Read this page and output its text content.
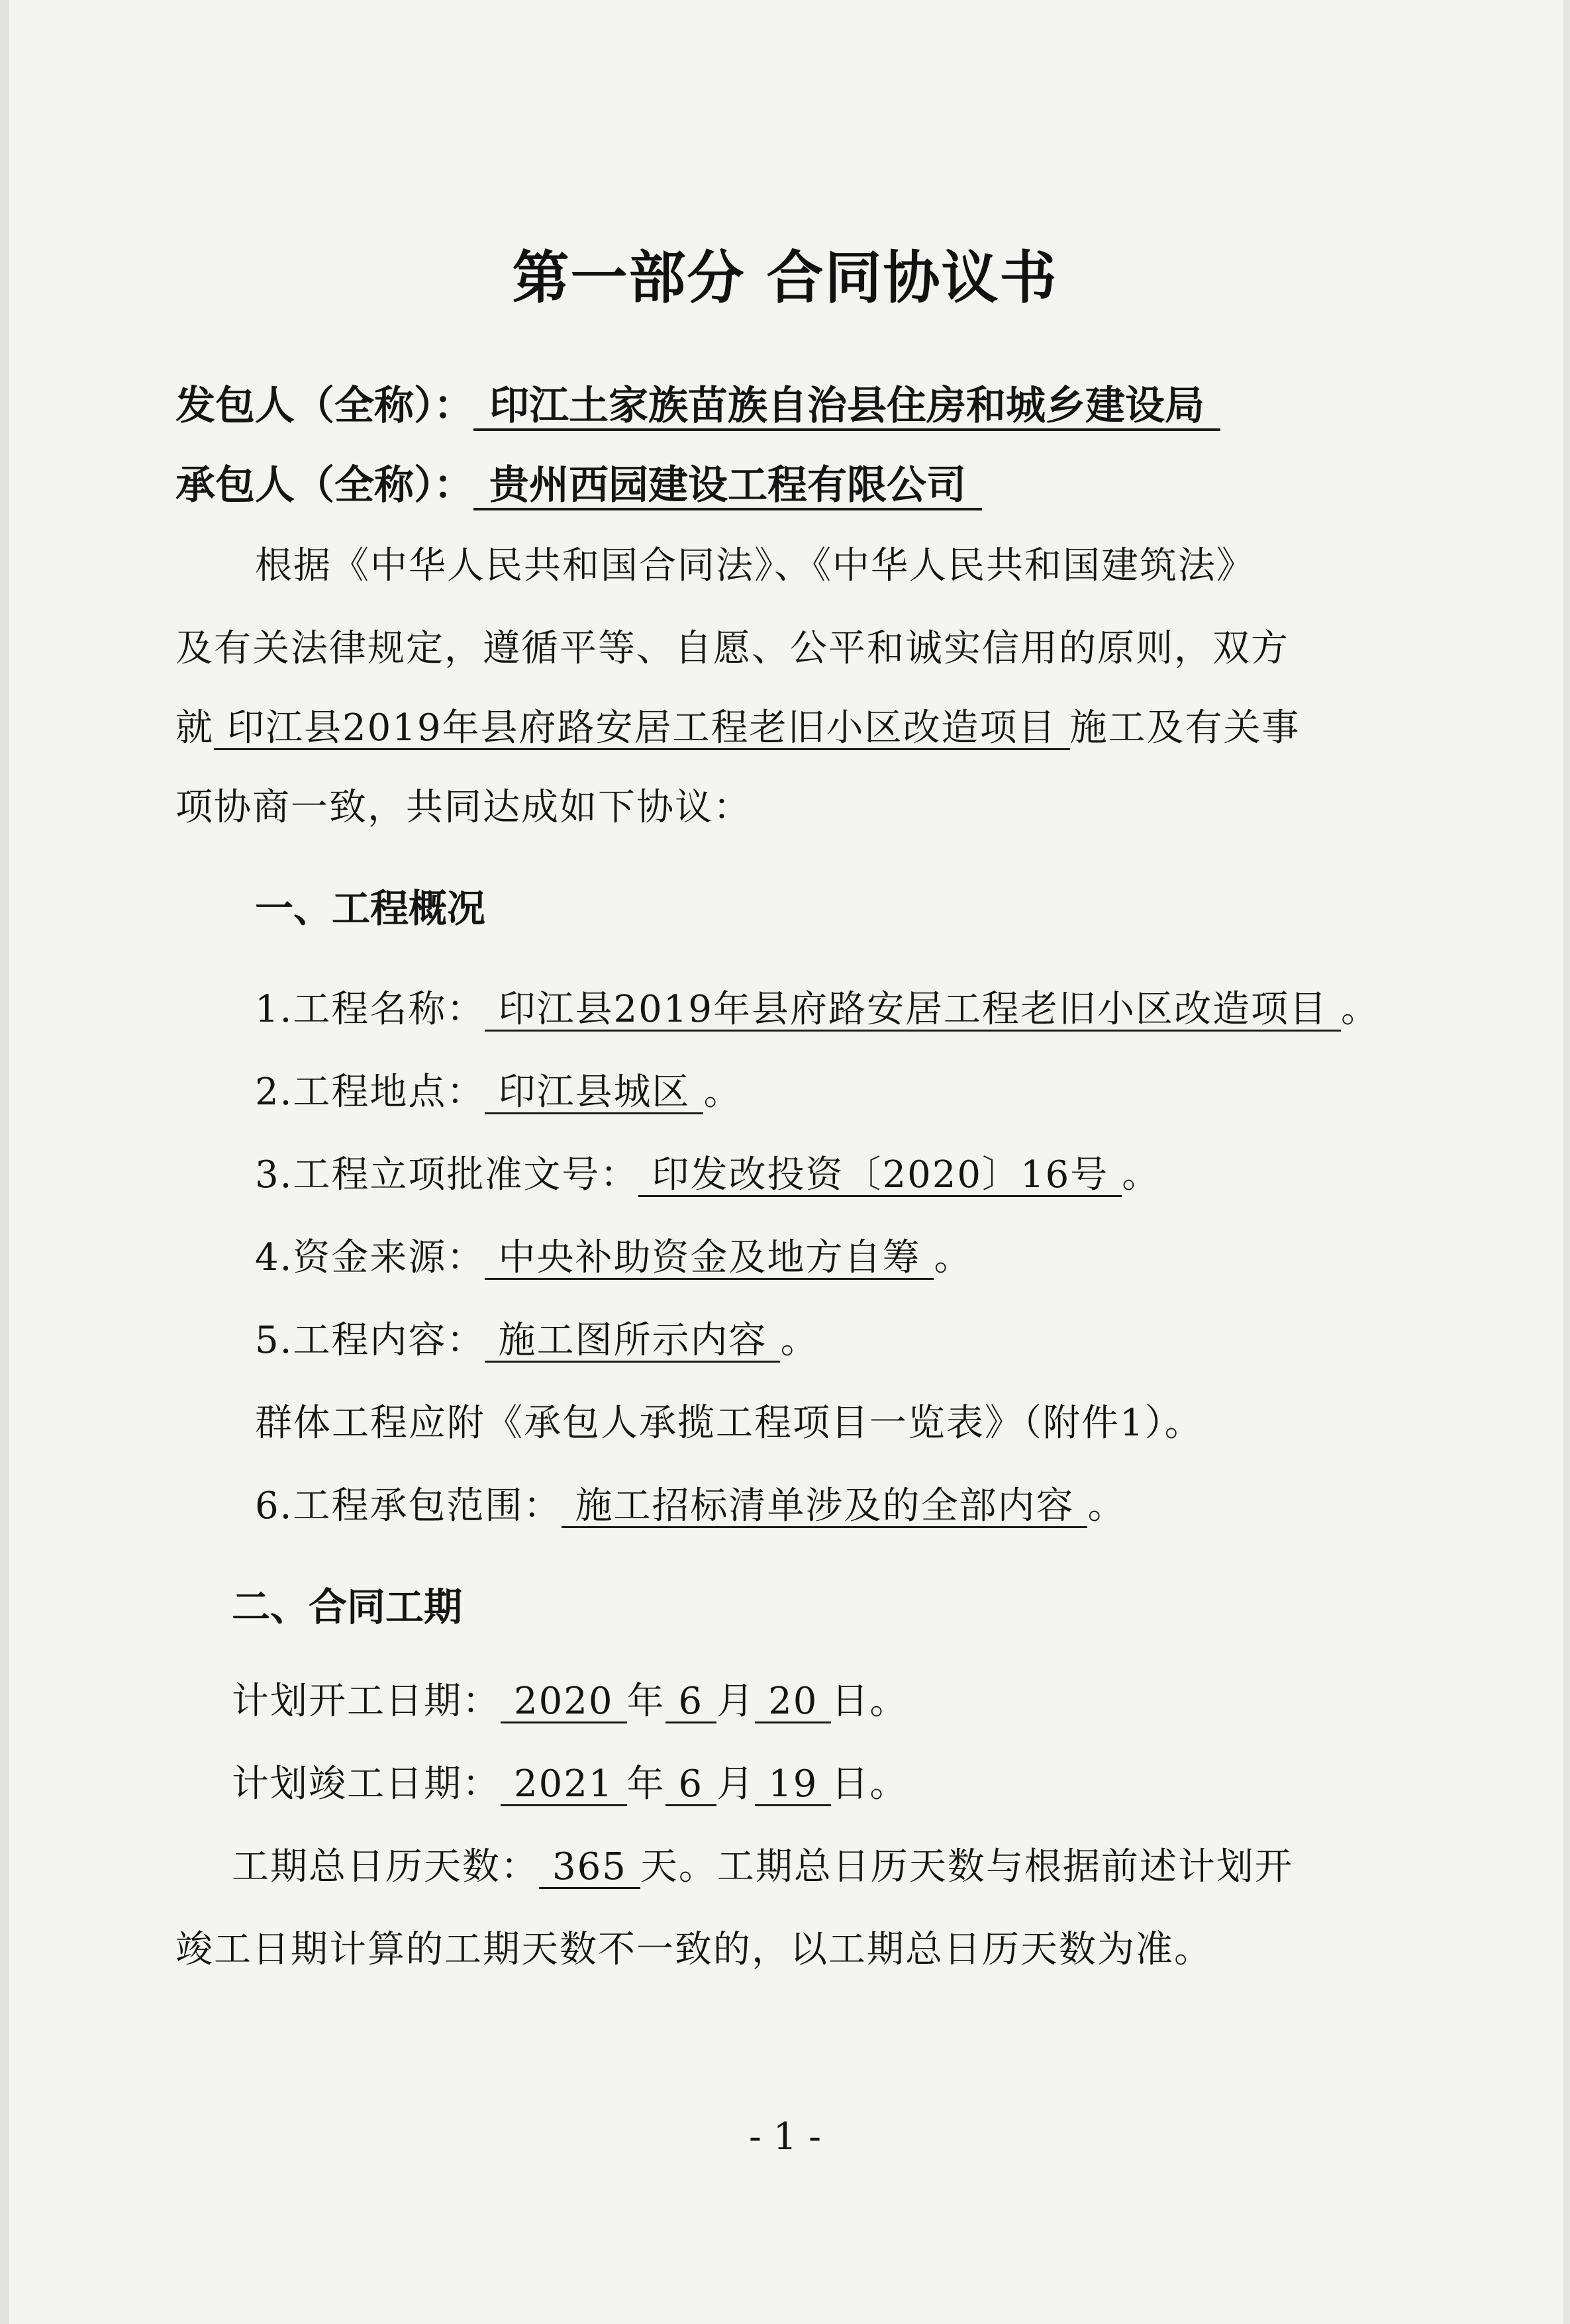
第一部分 合同协议书
发包人（全称）： 印江土家族苗族自治县住房和城乡建设局
承包人（全称）： 贵州西园建设工程有限公司
根据《中华人民共和国合同法》、《中华人民共和国建筑法》
及有关法律规定，遵循平等、自愿、公平和诚实信用的原则，双方
就 印江县2019年县府路安居工程老旧小区改造项目 施工及有关事
项协商一致，共同达成如下协议：
一、工程概况
1.工程名称： 印江县2019年县府路安居工程老旧小区改造项目 。
2.工程地点： 印江县城区 。
3.工程立项批准文号： 印发改投资〔2020〕16号 。
4.资金来源： 中央补助资金及地方自筹 。
5.工程内容： 施工图所示内容 。
群体工程应附《承包人承揽工程项目一览表》（附件1）。
6.工程承包范围： 施工招标清单涉及的全部内容 。
二、合同工期
计划开工日期： 2020 年 6 月 20 日。
计划竣工日期： 2021 年 6 月 19 日。
工期总日历天数： 365 天。工期总日历天数与根据前述计划开
竣工日期计算的工期天数不一致的，以工期总日历天数为准。
- 1 -
